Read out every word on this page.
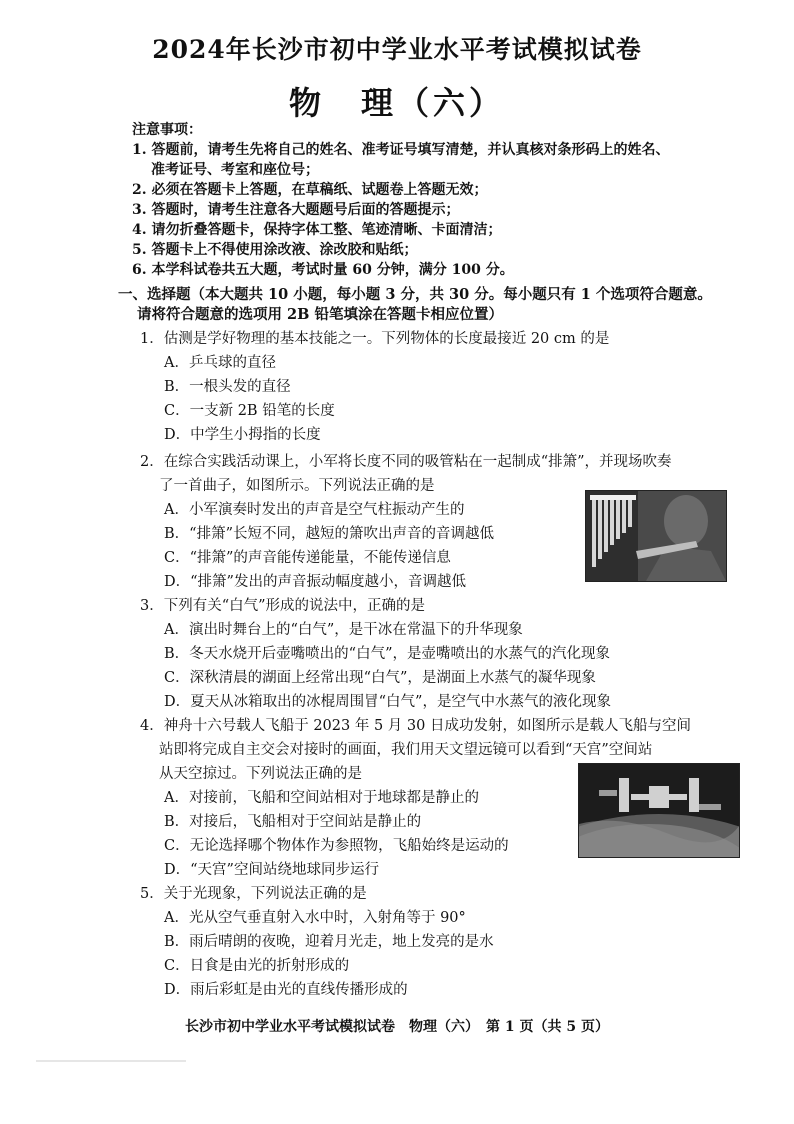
2024年长沙市初中学业水平考试模拟试卷
物　理（六）
注意事项：
1. 答题前，请考生先将自己的姓名、准考证号填写清楚，并认真核对条形码上的姓名、
准考证号、考室和座位号；
2. 必须在答题卡上答题，在草稿纸、试题卷上答题无效；
3. 答题时，请考生注意各大题题号后面的答题提示；
4. 请勿折叠答题卡，保持字体工整、笔迹清晰、卡面清洁；
5. 答题卡上不得使用涂改液、涂改胶和贴纸；
6. 本学科试卷共五大题，考试时量 60 分钟，满分 100 分。
一、选择题（本大题共 10 小题，每小题 3 分，共 30 分。每小题只有 1 个选项符合题意。
请将符合题意的选项用 2B 铅笔填涂在答题卡相应位置）
1．估测是学好物理的基本技能之一。下列物体的长度最接近 20 cm 的是
A．乒乓球的直径
B．一根头发的直径
C．一支新 2B 铅笔的长度
D．中学生小拇指的长度
2．在综合实践活动课上，小军将长度不同的吸管粘在一起制成“排箫”，并现场吹奏
了一首曲子，如图所示。下列说法正确的是
A．小军演奏时发出的声音是空气柱振动产生的
B．“排箫”长短不同，越短的箫吹出声音的音调越低
C．“排箫”的声音能传递能量，不能传递信息
D．“排箫”发出的声音振动幅度越小，音调越低
3．下列有关“白气”形成的说法中，正确的是
A．演出时舞台上的“白气”，是干冰在常温下的升华现象
B．冬天水烧开后壶嘴喷出的“白气”，是壶嘴喷出的水蒸气的汽化现象
C．深秋清晨的湖面上经常出现“白气”，是湖面上水蒸气的凝华现象
D．夏天从冰箱取出的冰棍周围冒“白气”，是空气中水蒸气的液化现象
4．神舟十六号载人飞船于 2023 年 5 月 30 日成功发射，如图所示是载人飞船与空间
站即将完成自主交会对接时的画面，我们用天文望远镜可以看到“天宫”空间站
从天空掠过。下列说法正确的是
A．对接前，飞船和空间站相对于地球都是静止的
B．对接后，飞船相对于空间站是静止的
C．无论选择哪个物体作为参照物，飞船始终是运动的
D．“天宫”空间站绕地球同步运行
5．关于光现象，下列说法正确的是
A．光从空气垂直射入水中时，入射角等于 90°
B．雨后晴朗的夜晚，迎着月光走，地上发亮的是水
C．日食是由光的折射形成的
D．雨后彩虹是由光的直线传播形成的
长沙市初中学业水平考试模拟试卷　物理（六）　第 1 页（共 5 页）
